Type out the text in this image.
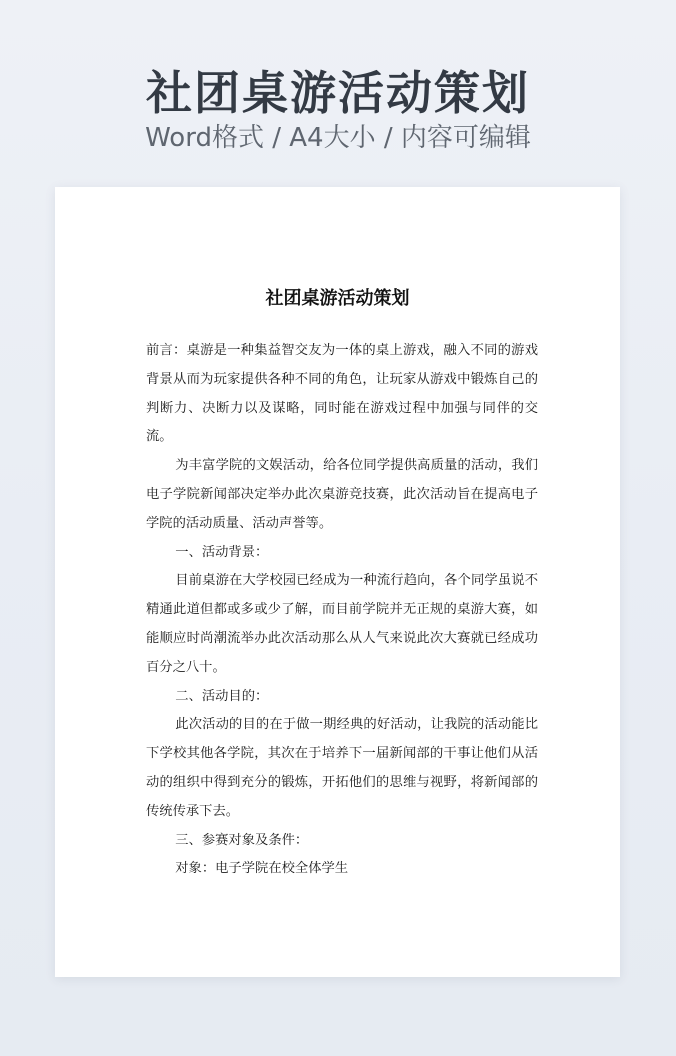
社团桌游活动策划

Word格式 / A4大小 / 内容可编辑

社团桌游活动策划

前言：桌游是一种集益智交友为一体的桌上游戏，融入不同的游戏背景从而为玩家提供各种不同的角色，让玩家从游戏中锻炼自己的判断力、决断力以及谋略，同时能在游戏过程中加强与同伴的交流。

为丰富学院的文娱活动，给各位同学提供高质量的活动，我们电子学院新闻部决定举办此次桌游竞技赛，此次活动旨在提高电子学院的活动质量、活动声誉等。

一、活动背景：

目前桌游在大学校园已经成为一种流行趋向，各个同学虽说不精通此道但都或多或少了解，而目前学院并无正规的桌游大赛，如能顺应时尚潮流举办此次活动那么从人气来说此次大赛就已经成功百分之八十。

二、活动目的：

此次活动的目的在于做一期经典的好活动，让我院的活动能比下学校其他各学院，其次在于培养下一届新闻部的干事让他们从活动的组织中得到充分的锻炼，开拓他们的思维与视野，将新闻部的传统传承下去。

三、参赛对象及条件：

对象：电子学院在校全体学生
